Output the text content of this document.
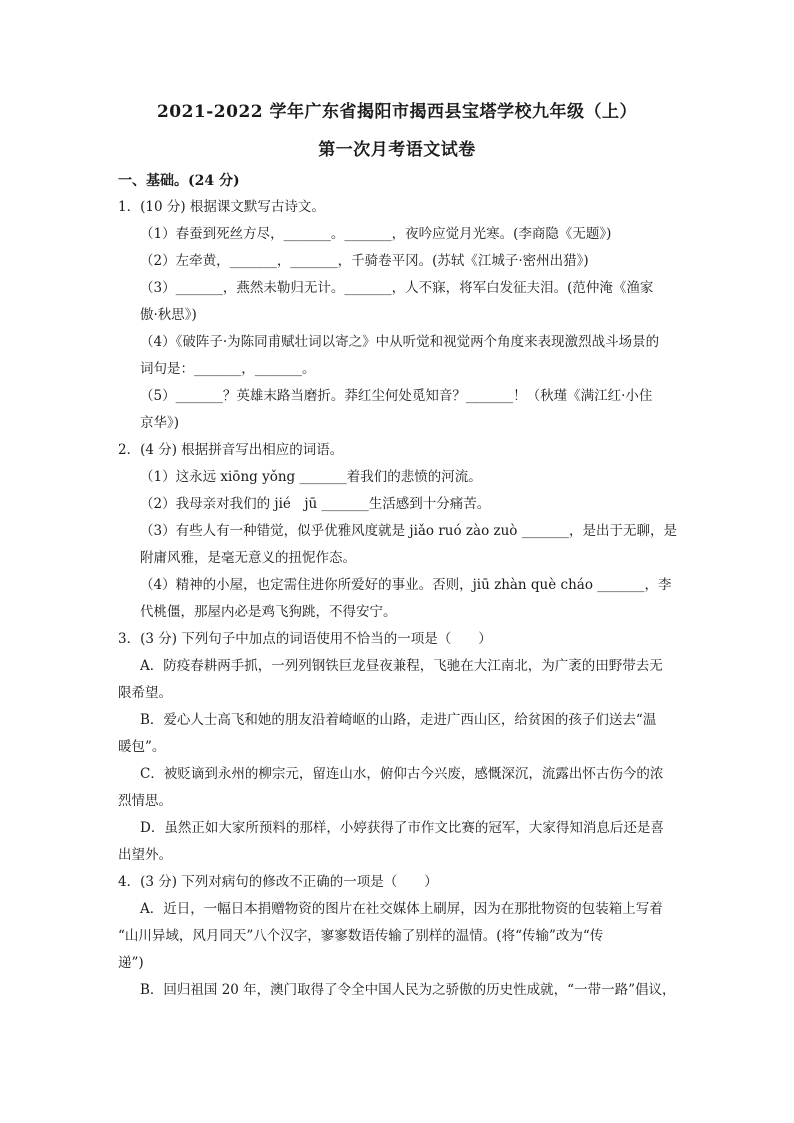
2021-2022 学年广东省揭阳市揭西县宝塔学校九年级（上）
第一次月考语文试卷
一、基础。(24 分)
1．(10 分) 根据课文默写古诗文。
（1）春蚕到死丝方尽，_______。_______，夜吟应觉月光寒。(李商隐《无题》)
（2）左牵黄，_______，_______，千骑卷平冈。(苏轼《江城子·密州出猎》)
（3）_______，燕然未勒归无计。_______，人不寐，将军白发征夫泪。(范仲淹《渔家
傲·秋思》)
（4）《破阵子·为陈同甫赋壮词以寄之》中从听觉和视觉两个角度来表现激烈战斗场景的
词句是：_______，_______。
（5）_______？英雄末路当磨折。莽红尘何处觅知音？_______！（秋瑾《满江红·小住
京华》)
2．(4 分) 根据拼音写出相应的词语。
（1）这永远 xiōng yǒng _______着我们的悲愤的河流。
（2）我母亲对我们的 jié　jū _______生活感到十分痛苦。
（3）有些人有一种错觉，似乎优雅风度就是 jiǎo ruó zào zuò _______，是出于无聊，是
附庸风雅，是毫无意义的扭怩作态。
（4）精神的小屋，也定需住进你所爱好的事业。否则，jiū zhàn què cháo _______，李
代桃僵，那屋内必是鸡飞狗跳，不得安宁。
3．(3 分) 下列句子中加点的词语使用不恰当的一项是（　　）
A．防疫春耕两手抓，一列列钢铁巨龙昼夜兼程，飞驰在大江南北，为广袤的田野带去无
限希望。
B．爱心人士高飞和她的朋友沿着崎岖的山路，走进广西山区，给贫困的孩子们送去“温
暖包”。
C．被贬谪到永州的柳宗元，留连山水，俯仰古今兴废，感慨深沉，流露出怀古伤今的浓
烈情思。
D．虽然正如大家所预料的那样，小婷获得了市作文比赛的冠军，大家得知消息后还是喜
出望外。
4．(3 分) 下列对病句的修改不正确的一项是（　　）
A．近日，一幅日本捐赠物资的图片在社交媒体上刷屏，因为在那批物资的包装箱上写着
“山川异域，风月同天”八个汉字，寥寥数语传输了别样的温情。(将“传输”改为“传
递”)
B．回归祖国 20 年，澳门取得了令全中国人民为之骄傲的历史性成就，“一带一路”倡议，
